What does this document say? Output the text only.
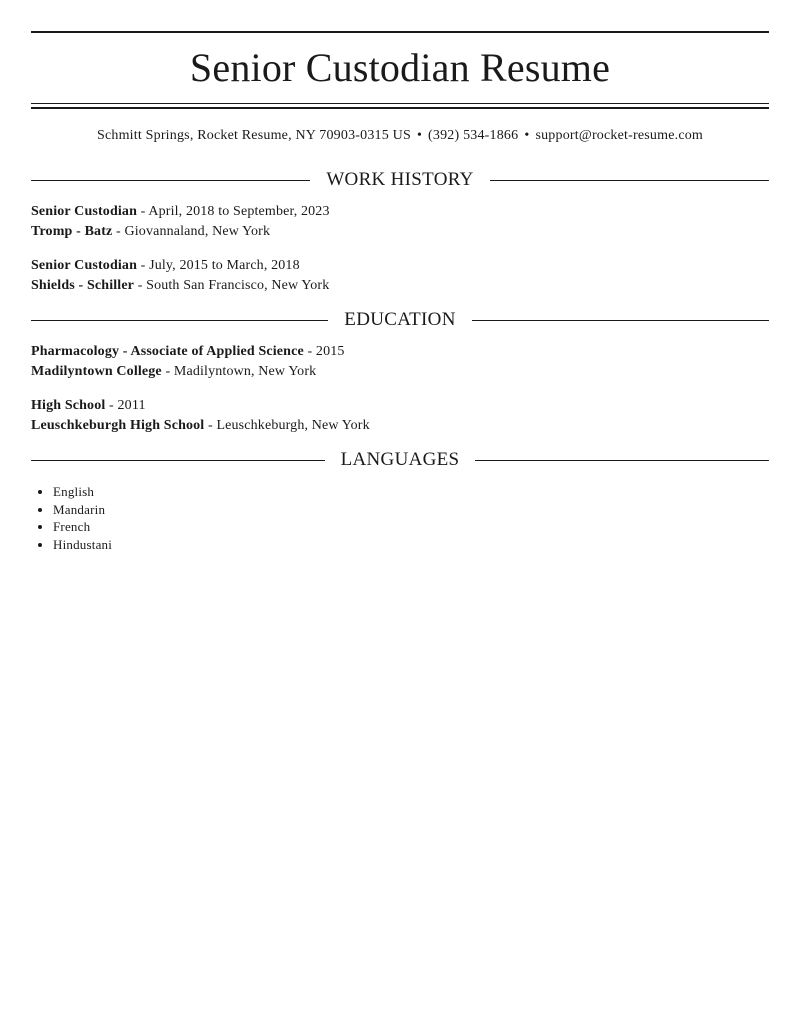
Senior Custodian Resume
Schmitt Springs, Rocket Resume, NY 70903-0315 US • (392) 534-1866 • support@rocket-resume.com
WORK HISTORY
Senior Custodian - April, 2018 to September, 2023
Tromp - Batz - Giovannaland, New York
Senior Custodian - July, 2015 to March, 2018
Shields - Schiller - South San Francisco, New York
EDUCATION
Pharmacology - Associate of Applied Science - 2015
Madilyntown College - Madilyntown, New York
High School - 2011
Leuschkeburgh High School - Leuschkeburgh, New York
LANGUAGES
• English
• Mandarin
• French
• Hindustani
